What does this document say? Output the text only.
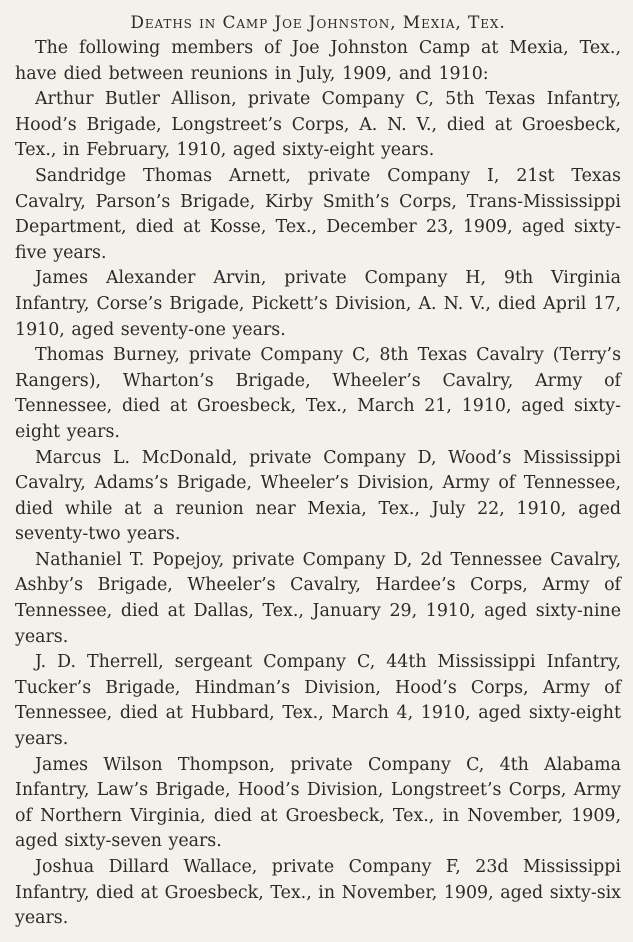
Deaths in Camp Joe Johnston, Mexia, Tex.

The following members of Joe Johnston Camp at Mexia, Tex., have died between reunions in July, 1909, and 1910:

Arthur Butler Allison, private Company C, 5th Texas Infantry, Hood’s Brigade, Longstreet’s Corps, A. N. V., died at Groesbeck, Tex., in February, 1910, aged sixty-eight years.

Sandridge Thomas Arnett, private Company I, 21st Texas Cavalry, Parson’s Brigade, Kirby Smith’s Corps, Trans-Mississippi Department, died at Kosse, Tex., December 23, 1909, aged sixty-five years.

James Alexander Arvin, private Company H, 9th Virginia Infantry, Corse’s Brigade, Pickett’s Division, A. N. V., died April 17, 1910, aged seventy-one years.

Thomas Burney, private Company C, 8th Texas Cavalry (Terry’s Rangers), Wharton’s Brigade, Wheeler’s Cavalry, Army of Tennessee, died at Groesbeck, Tex., March 21, 1910, aged sixty-eight years.

Marcus L. McDonald, private Company D, Wood’s Mississippi Cavalry, Adams’s Brigade, Wheeler’s Division, Army of Tennessee, died while at a reunion near Mexia, Tex., July 22, 1910, aged seventy-two years.

Nathaniel T. Popejoy, private Company D, 2d Tennessee Cavalry, Ashby’s Brigade, Wheeler’s Cavalry, Hardee’s Corps, Army of Tennessee, died at Dallas, Tex., January 29, 1910, aged sixty-nine years.

J. D. Therrell, sergeant Company C, 44th Mississippi Infantry, Tucker’s Brigade, Hindman’s Division, Hood’s Corps, Army of Tennessee, died at Hubbard, Tex., March 4, 1910, aged sixty-eight years.

James Wilson Thompson, private Company C, 4th Alabama Infantry, Law’s Brigade, Hood’s Division, Longstreet’s Corps, Army of Northern Virginia, died at Groesbeck, Tex., in November, 1909, aged sixty-seven years.

Joshua Dillard Wallace, private Company F, 23d Mississippi Infantry, died at Groesbeck, Tex., in November, 1909, aged sixty-six years.
